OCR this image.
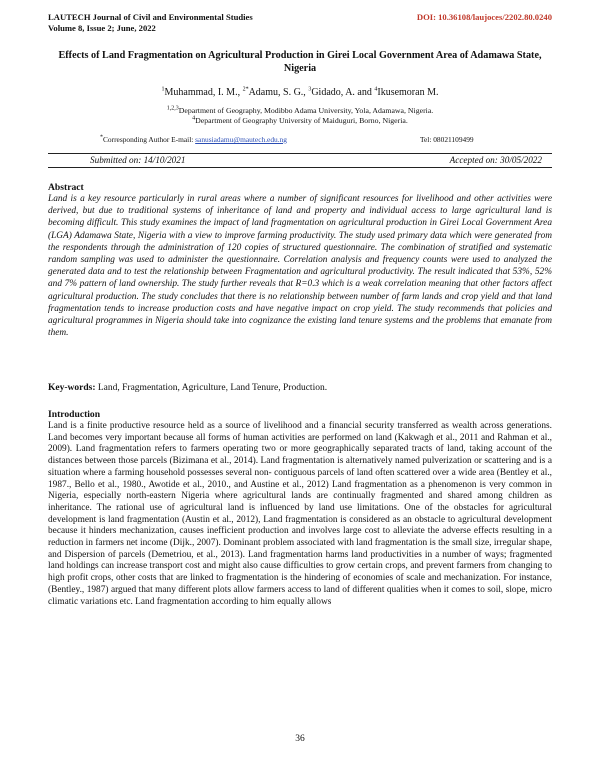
LAUTECH Journal of Civil and Environmental Studies
Volume 8, Issue 2; June, 2022
DOI: 10.36108/laujoces/2202.80.0240
Effects of Land Fragmentation on Agricultural Production in Girei Local Government Area of Adamawa State, Nigeria
$^1$Muhammad, I. M., $^{2*}$Adamu, S. G., $^3$Gidado, A. and $^4$Ikusemoran M.
$^{1,2,3}$Department of Geography, Modibbo Adama University, Yola, Adamawa, Nigeria.
$^4$Department of Geography University of Maiduguri, Borno, Nigeria.
*Corresponding Author E-mail: sanusiadamu@mautech.edu.ng	Tel: 08021109499
Submitted on: 14/10/2021	Accepted on: 30/05/2022
Abstract
Land is a key resource particularly in rural areas where a number of significant resources for livelihood and other activities were derived, but due to traditional systems of inheritance of land and property and individual access to large agricultural land is becoming difficult. This study examines the impact of land fragmentation on agricultural production in Girei Local Government Area (LGA) Adamawa State, Nigeria with a view to improve farming productivity. The study used primary data which were generated from the respondents through the administration of 120 copies of structured questionnaire. The combination of stratified and systematic random sampling was used to administer the questionnaire. Correlation analysis and frequency counts were used to analyzed the generated data and to test the relationship between Fragmentation and agricultural productivity. The result indicated that 53%, 52% and 7% pattern of land ownership. The study further reveals that R=0.3 which is a weak correlation meaning that other factors affect agricultural production. The study concludes that there is no relationship between number of farm lands and crop yield and that land fragmentation tends to increase production costs and have negative impact on crop yield. The study recommends that policies and agricultural programmes in Nigeria should take into cognizance the existing land tenure systems and the problems that emanate from them.
Key-words: Land, Fragmentation, Agriculture, Land Tenure, Production.
Introduction
Land is a finite productive resource held as a source of livelihood and a financial security transferred as wealth across generations. Land becomes very important because all forms of human activities are performed on land (Kakwagh et al., 2011 and Rahman et al., 2009). Land fragmentation refers to farmers operating two or more geographically separated tracts of land, taking account of the distances between those parcels (Bizimana et al., 2014). Land fragmentation is alternatively named pulverization or scattering and is a situation where a farming household possesses several non- contiguous parcels of land often scattered over a wide area (Bentley et al., 1987., Bello et al., 1980., Awotide et al., 2010., and Austine et al., 2012) Land fragmentation as a phenomenon is very common in Nigeria, especially north-eastern Nigeria where agricultural lands are continually fragmented and shared among children as inheritance. The rational use of agricultural land is influenced by land use limitations. One of the obstacles for agricultural development is land fragmentation (Austin et al., 2012), Land fragmentation is considered as an obstacle to agricultural development because it hinders mechanization, causes inefficient production and involves large cost to alleviate the adverse effects resulting in a reduction in farmers net income (Dijk., 2007). Dominant problem associated with land fragmentation is the small size, irregular shape, and Dispersion of parcels (Demetriou, et al., 2013). Land fragmentation harms land productivities in a number of ways; fragmented land holdings can increase transport cost and might also cause difficulties to grow certain crops, and prevent farmers from changing to high profit crops, other costs that are linked to fragmentation is the hindering of economies of scale and mechanization. For instance, (Bentley., 1987) argued that many different plots allow farmers access to land of different qualities when it comes to soil, slope, micro climatic variations etc. Land fragmentation according to him equally allows
36
